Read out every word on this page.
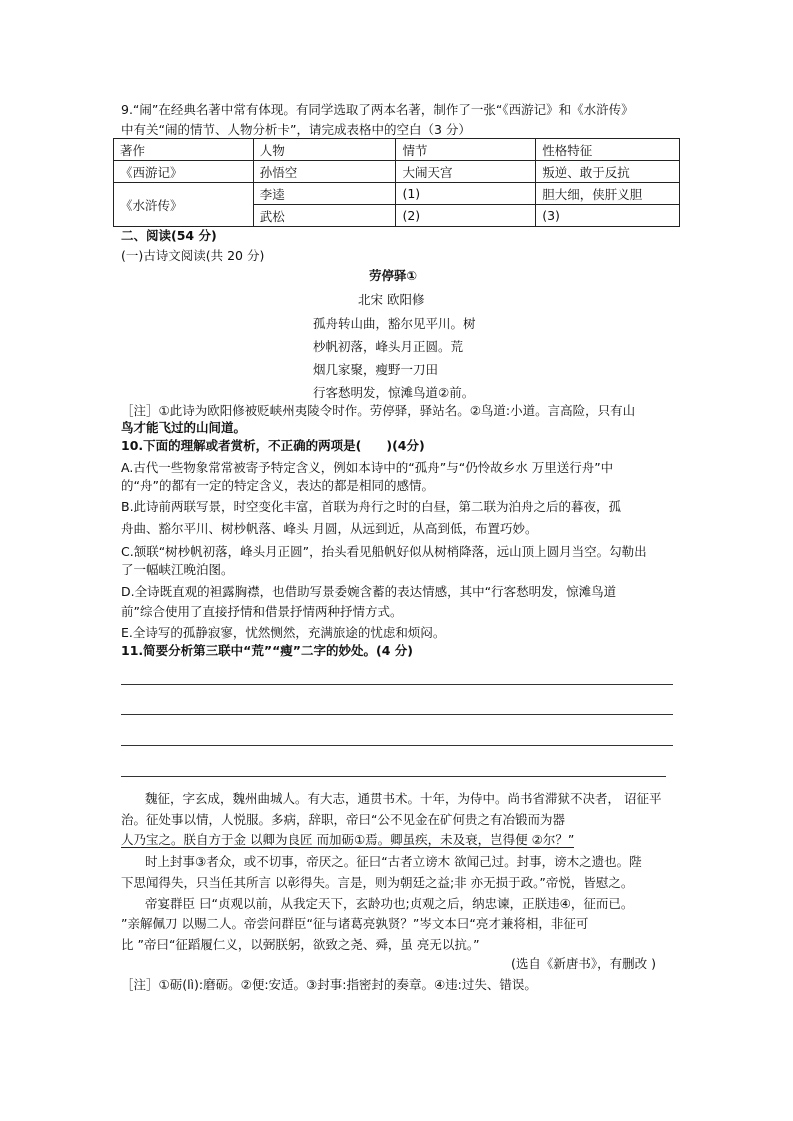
9.“闹”在经典名著中常有体现。有同学选取了两本名著，制作了一张“《西游记》和《水浒传》
中有关“闹的情节、人物分析卡”，请完成表格中的空白（3 分）
著作	人物	情节	性格特征
《西游记》	孙悟空	大闹天宫	叛逆、敢于反抗
《水浒传》	李逵	(1)	胆大细，侠肝义胆
	武松	(2)	(3)
二、阅读(54 分)
(一)古诗文阅读(共 20 分)
劳停驿①
北宋 欧阳修
孤舟转山曲，豁尔见平川。树
杪帆初落，峰头月正圆。荒
烟几家聚，瘦野一刀田
行客愁明发，惊滩鸟道②前。
［注］①此诗为欧阳修被贬峡州夷陵令时作。劳停驿，驿站名。②鸟道:小道。言高险，只有山
鸟才能飞过的山间道。
10.下面的理解或者赏析，不正确的两项是(　　)(4分)
A.古代一些物象常常被寄予特定含义，例如本诗中的“孤舟”与“仍怜故乡水 万里送行舟”中
的“舟”的都有一定的特定含义，表达的都是相同的感情。
B.此诗前两联写景，时空变化丰富，首联为舟行之时的白昼，第二联为泊舟之后的暮夜，孤
舟曲、豁尔平川、树杪帆落、峰头 月圆，从远到近，从高到低，布置巧妙。
C.颔联“树杪帆初落，峰头月正圆”，抬头看见船帆好似从树梢降落，远山顶上圆月当空。勾勒出
了一幅峡江晚泊图。
D.全诗既直观的袒露胸襟，也借助写景委婉含蓄的表达情感，其中“行客愁明发，惊滩鸟道
前”综合使用了直接抒情和借景抒情两种抒情方式。
E.全诗写的孤静寂寥，忧然恻然，充满旅途的忧虑和烦闷。
11.简要分析第三联中“荒”“瘦”二字的妙处。(4 分)
魏征，字玄成，魏州曲城人。有大志，通贯书术。十年，为侍中。尚书省滞狱不决者， 诏征平
治。征处事以情，人悦服。多病，辞职，帝曰“公不见金在矿何贵之有冶锻而为器
人乃宝之。朕自方于金 以卿为良匠 而加砺①焉。卿虽疾，未及衰，岂得便 ②尔？”
时上封事③者众，或不切事，帝厌之。征曰“古者立谤木 欲闻己过。封事，谤木之遗也。陛
下思闻得失，只当任其所言 以彰得失。言是，则为朝廷之益;非 亦无损于政。”帝悦，皆慰之。
帝宴群臣 曰“贞观以前，从我定天下，玄龄功也;贞观之后，纳忠谏，正朕违④，征而已。
”亲解佩刀 以赐二人。帝尝问群臣“征与诸葛亮孰贤？”岑文本曰“亮才兼将相，非征可
比 ”帝曰“征蹈履仁义，以弼朕躬，欲致之尧、舜，虽 亮无以抗。”
(选自《新唐书》，有删改 )
［注］①砺(lì):磨砺。②便:安适。③封事:指密封的奏章。④违:过失、错误。
